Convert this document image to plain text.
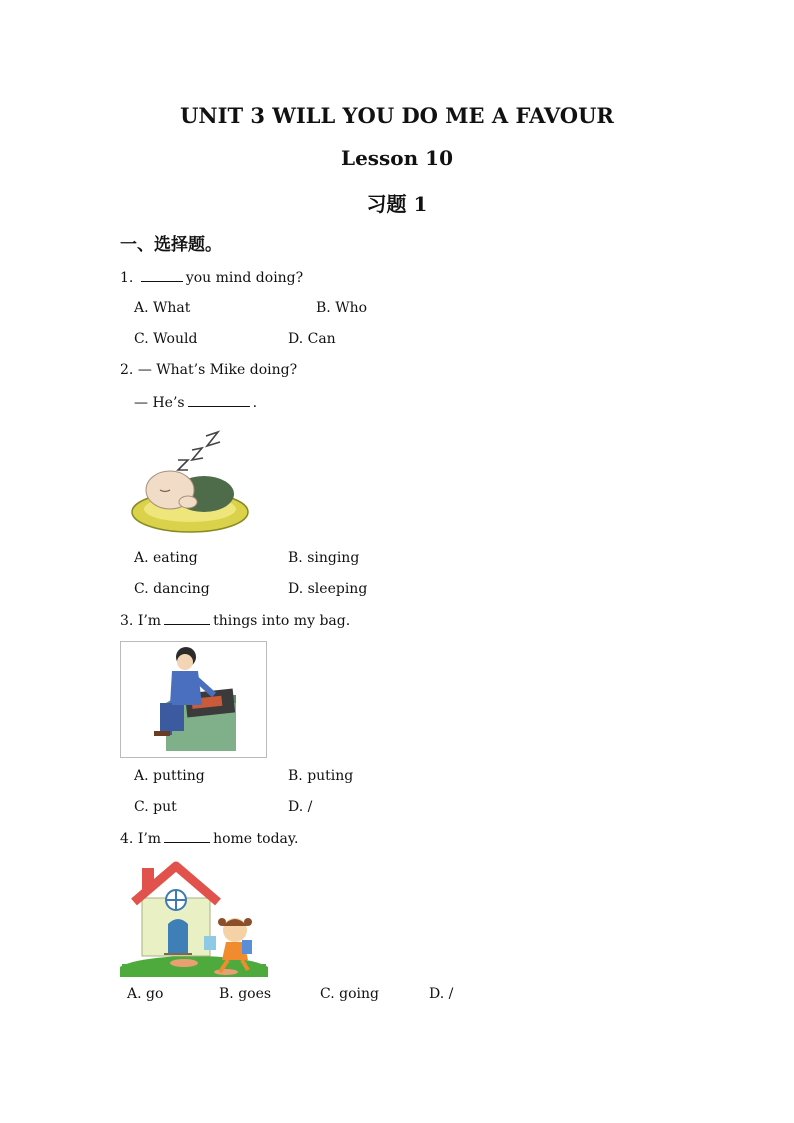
UNIT 3 WILL YOU DO ME A FAVOUR
Lesson 10
习题 1
一、选择题。
1.	you mind doing?
A. What	B. Who
C. Would	D. Can
2. — What’s Mike doing?
— He’s	.
A. eating	B. singing
C. dancing	D. sleeping
3. I’m	things into my bag.
A. putting	B. puting
C. put	D. /
4. I’m	home today.
A. go	B. goes	C. going	D. /
